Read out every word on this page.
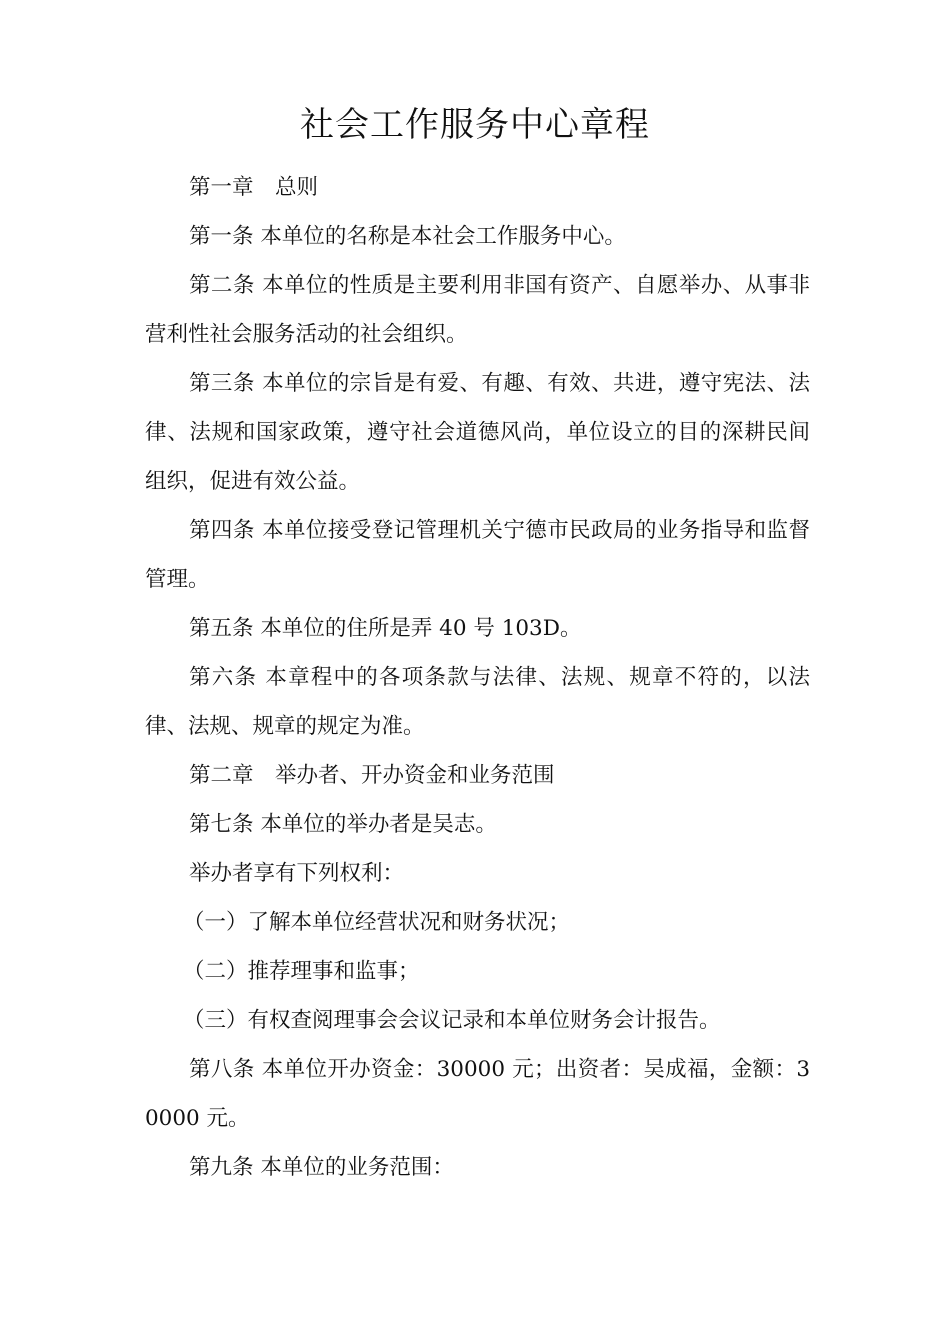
社会工作服务中心章程

第一章　总则

第一条 本单位的名称是本社会工作服务中心。

第二条 本单位的性质是主要利用非国有资产、自愿举办、从事非营利性社会服务活动的社会组织。

第三条 本单位的宗旨是有爱、有趣、有效、共进，遵守宪法、法律、法规和国家政策，遵守社会道德风尚，单位设立的目的深耕民间组织，促进有效公益。

第四条 本单位接受登记管理机关宁德市民政局的业务指导和监督管理。

第五条 本单位的住所是弄 40 号 103D。

第六条 本章程中的各项条款与法律、法规、规章不符的，以法律、法规、规章的规定为准。

第二章　举办者、开办资金和业务范围

第七条 本单位的举办者是吴志。

举办者享有下列权利：

（一）了解本单位经营状况和财务状况；

（二）推荐理事和监事；

（三）有权查阅理事会会议记录和本单位财务会计报告。

第八条 本单位开办资金：30000 元；出资者：吴成福，金额：30000 元。

第九条 本单位的业务范围：
